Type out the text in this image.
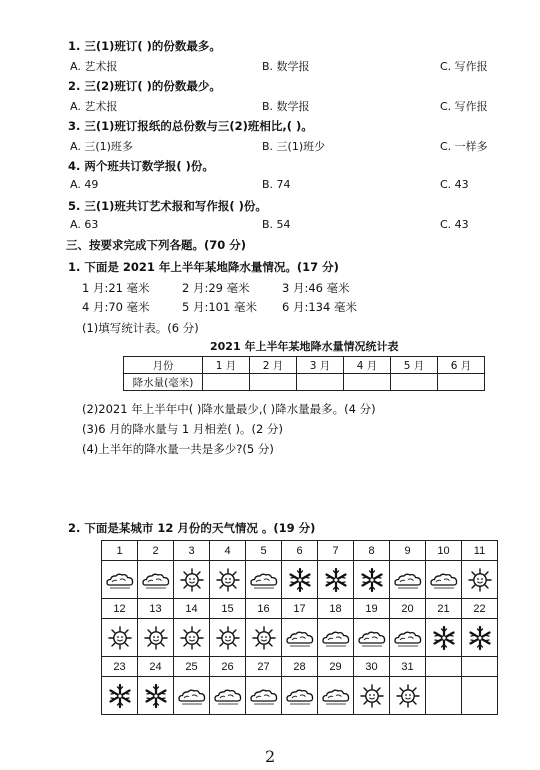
1. 三(1)班订( )的份数最多。
A. 艺术报	B. 数学报	C. 写作报
2. 三(2)班订( )的份数最少。
A. 艺术报	B. 数学报	C. 写作报
3. 三(1)班订报纸的总份数与三(2)班相比,( )。
A. 三(1)班多	B. 三(1)班少	C. 一样多
4. 两个班共订数学报( )份。
A. 49	B. 74	C. 43
5. 三(1)班共订艺术报和写作报( )份。
A. 63	B. 54	C. 43
三、按要求完成下列各题。(70 分)
1. 下面是 2021 年上半年某地降水量情况。(17 分)
1 月:21 毫米	2 月:29 毫米	3 月:46 毫米
4 月:70 毫米	5 月:101 毫米 6 月:134 毫米
(1)填写统计表。(6 分)
2021 年上半年某地降水量情况统计表
月份	1 月	2 月	3 月	4 月	5 月	6 月
降水量(毫米)						
(2)2021 年上半年中( )降水量最少,( )降水量最多。(4 分)
(3)6 月的降水量与 1 月相差( )。(2 分)
(4)上半年的降水量一共是多少?(5 分)
2. 下面是某城市 12 月份的天气情况 。(19 分)
1	2	3	4	5	6	7	8	9	10	11

12	13	14	15	16	17	18	19	20	21	22

23	24	25	26	27	28	29	30	31		

2
